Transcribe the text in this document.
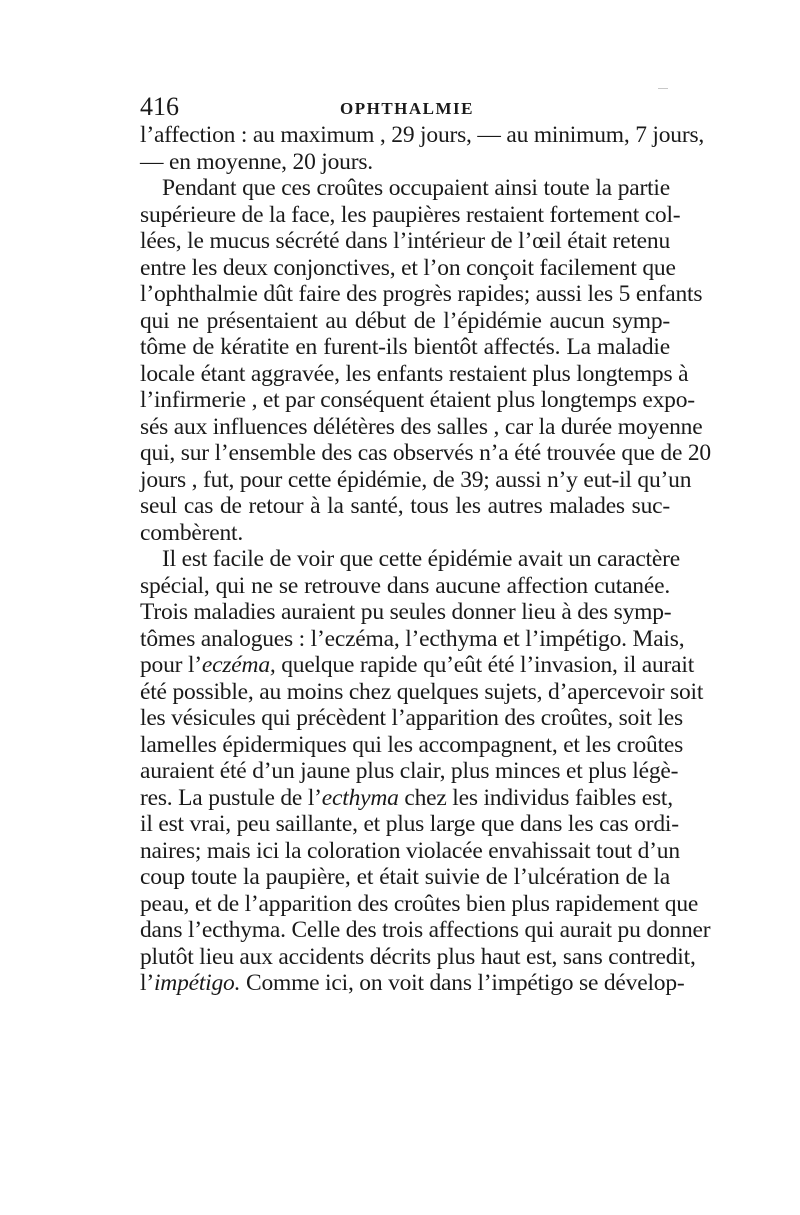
416	OPHTHALMIE
l’affection : au maximum , 29 jours, — au minimum, 7 jours,
— en moyenne, 20 jours.
Pendant que ces croûtes occupaient ainsi toute la partie
supérieure de la face, les paupières restaient fortement col-
lées, le mucus sécrété dans l’intérieur de l’œil était retenu
entre les deux conjonctives, et l’on conçoit facilement que
l’ophthalmie dût faire des progrès rapides; aussi les 5 enfants
qui ne présentaient au début de l’épidémie aucun symp-
tôme de kératite en furent-ils bientôt affectés. La maladie
locale étant aggravée, les enfants restaient plus longtemps à
l’infirmerie , et par conséquent étaient plus longtemps expo-
sés aux influences délétères des salles , car la durée moyenne
qui, sur l’ensemble des cas observés n’a été trouvée que de 20
jours , fut, pour cette épidémie, de 39; aussi n’y eut-il qu’un
seul cas de retour à la santé, tous les autres malades suc-
combèrent.
Il est facile de voir que cette épidémie avait un caractère
spécial, qui ne se retrouve dans aucune affection cutanée.
Trois maladies auraient pu seules donner lieu à des symp-
tômes analogues : l’eczéma, l’ecthyma et l’impétigo. Mais,
pour l’eczéma, quelque rapide qu’eût été l’invasion, il aurait
été possible, au moins chez quelques sujets, d’apercevoir soit
les vésicules qui précèdent l’apparition des croûtes, soit les
lamelles épidermiques qui les accompagnent, et les croûtes
auraient été d’un jaune plus clair, plus minces et plus légè-
res. La pustule de l’ecthyma chez les individus faibles est,
il est vrai, peu saillante, et plus large que dans les cas ordi-
naires; mais ici la coloration violacée envahissait tout d’un
coup toute la paupière, et était suivie de l’ulcération de la
peau, et de l’apparition des croûtes bien plus rapidement que
dans l’ecthyma. Celle des trois affections qui aurait pu donner
plutôt lieu aux accidents décrits plus haut est, sans contredit,
l’impétigo. Comme ici, on voit dans l’impétigo se dévelop-
